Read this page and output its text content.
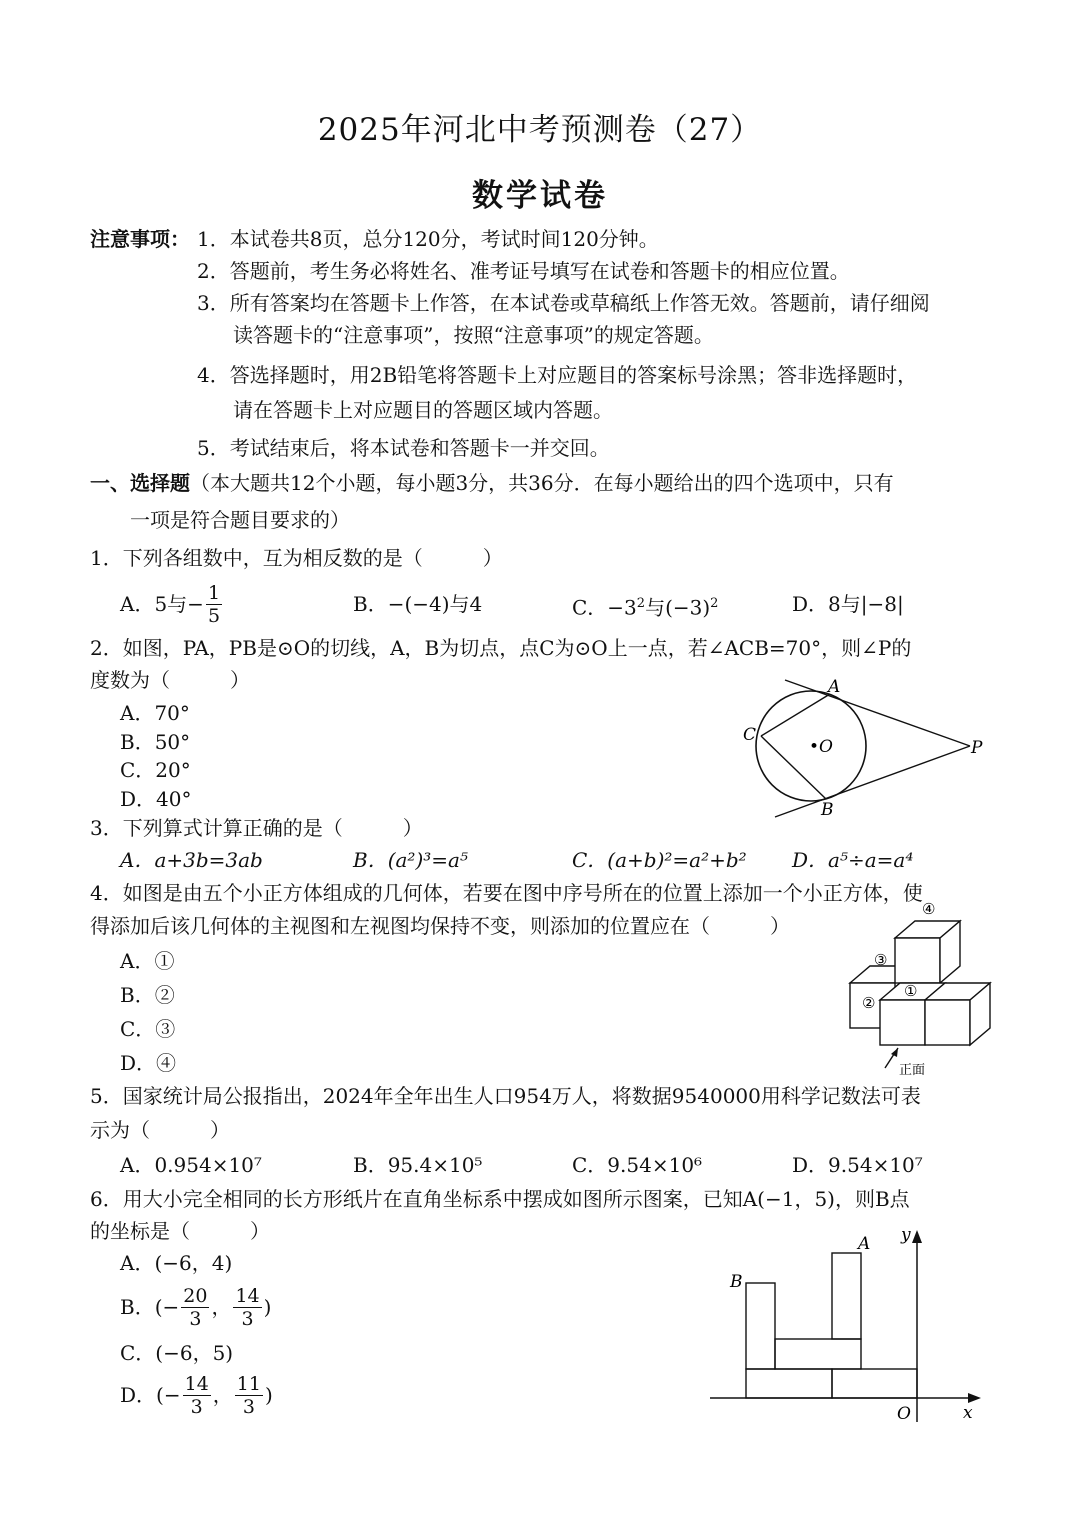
2025年河北中考预测卷（27）
数学试卷
注意事项： 1．本试卷共8页，总分120分，考试时间120分钟。
2．答题前，考生务必将姓名、准考证号填写在试卷和答题卡的相应位置。
3．所有答案均在答题卡上作答，在本试卷或草稿纸上作答无效。答题前，请仔细阅
读答题卡的“注意事项”，按照“注意事项”的规定答题。
4．答选择题时，用2B铅笔将答题卡上对应题目的答案标号涂黑；答非选择题时，
请在答题卡上对应题目的答题区域内答题。
5．考试结束后，将本试卷和答题卡一并交回。
一、选择题（本大题共12个小题，每小题3分，共36分．在每小题给出的四个选项中，只有
一项是符合题目要求的）
1．下列各组数中，互为相反数的是（　　　）
A．5与− $\frac{1}{5}$	B．−(−4)与4	C．$-3^2$与$(-3)^2$	D．8与|−8|
2．如图，PA，PB是⊙O的切线，A，B为切点，点C为⊙O上一点，若∠ACB=70°，则∠P的
度数为（　　　）
A．70°
B．50°
C．20°
D．40°
A
B
C
•O	P
3．下列算式计算正确的是（　　　）
A．a+3b=3ab	B．(a²)³=a⁵	C．(a+b)²=a²+b² D．a⁵÷a=a⁴
4．如图是由五个小正方体组成的几何体，若要在图中序号所在的位置上添加一个小正方体，使
得添加后该几何体的主视图和左视图均保持不变，则添加的位置应在（　　　）
A．①
B．②
C．③
D．④
④
③
②
①
正面
5．国家统计局公报指出，2024年全年出生人口954万人，将数据9540000用科学记数法可表
示为（　　　）
A．0.954×10⁷	B．95.4×10⁵	C．9.54×10⁶	D．9.54×10⁷
6．用大小完全相同的长方形纸片在直角坐标系中摆成如图所示图案，已知A(−1，5)，则B点
的坐标是（　　　）
A．(−6，4)
B．(− $\frac{20}{3}$ ， $\frac{14}{3}$ )
C．(−6，5)
D．(− $\frac{14}{3}$ ， $\frac{11}{3}$ )
A
B
O	x
y
